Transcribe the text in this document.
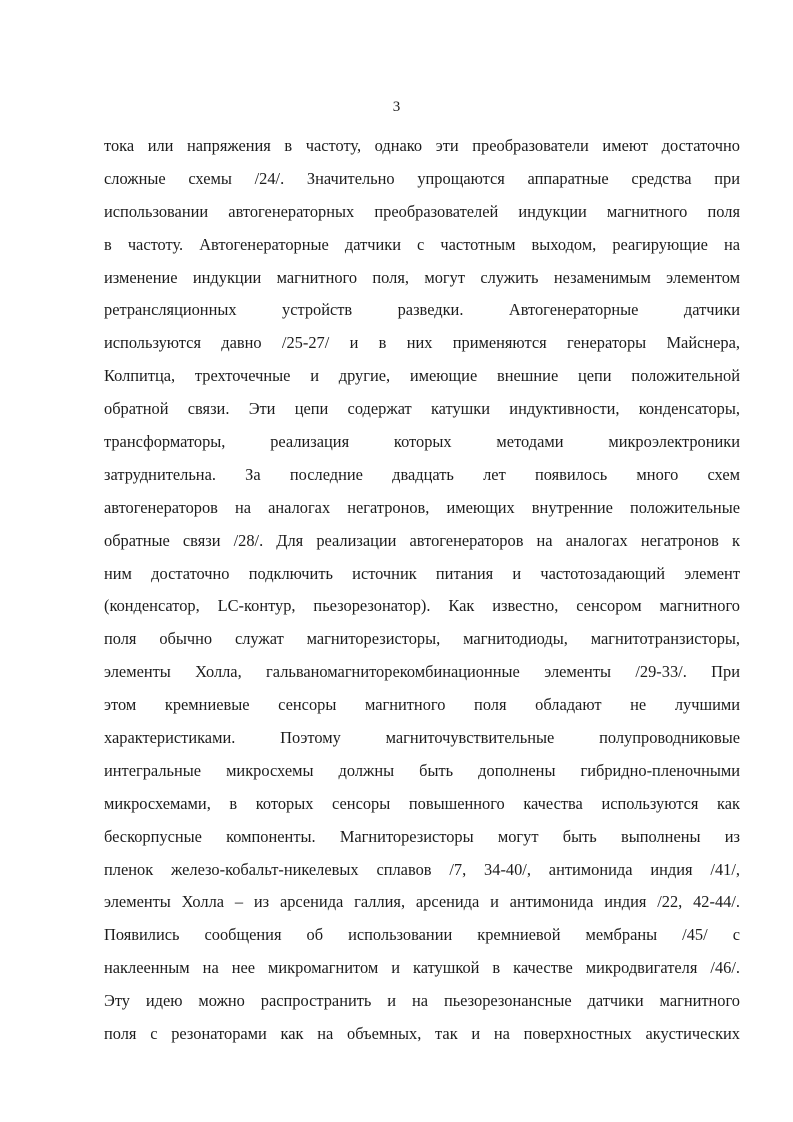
3
тока или напряжения в частоту, однако эти преобразователи имеют достаточно
сложные схемы /24/. Значительно упрощаются аппаратные средства при
использовании автогенераторных преобразователей индукции магнитного поля
в частоту. Автогенераторные датчики с частотным выходом, реагирующие на
изменение индукции магнитного поля, могут служить незаменимым элементом
ретрансляционных устройств разведки. Автогенераторные датчики
используются давно /25-27/ и в них применяются генераторы Майснера,
Колпитца, трехточечные и другие, имеющие внешние цепи положительной
обратной связи. Эти цепи содержат катушки индуктивности, конденсаторы,
трансформаторы, реализация которых методами микроэлектроники
затруднительна. За последние двадцать лет появилось много схем
автогенераторов на аналогах негатронов, имеющих внутренние положительные
обратные связи /28/. Для реализации автогенераторов на аналогах негатронов к
ним достаточно подключить источник питания и частотозадающий элемент
(конденсатор, LC-контур, пьезорезонатор). Как известно, сенсором магнитного
поля обычно служат магниторезисторы, магнитодиоды, магнитотранзисторы,
элементы Холла, гальваномагниторекомбинационные элементы /29-33/. При
этом кремниевые сенсоры магнитного поля обладают не лучшими
характеристиками. Поэтому магниточувствительные полупроводниковые
интегральные микросхемы должны быть дополнены гибридно-пленочными
микросхемами, в которых сенсоры повышенного качества используются как
бескорпусные компоненты. Магниторезисторы могут быть выполнены из
пленок железо-кобальт-никелевых сплавов /7, 34-40/, антимонида индия /41/,
элементы Холла – из арсенида галлия, арсенида и антимонида индия /22, 42-44/.
Появились сообщения об использовании кремниевой мембраны /45/ с
наклеенным на нее микромагнитом и катушкой в качестве микродвигателя /46/.
Эту идею можно распространить и на пьезорезонансные датчики магнитного
поля с резонаторами как на объемных, так и на поверхностных акустических
